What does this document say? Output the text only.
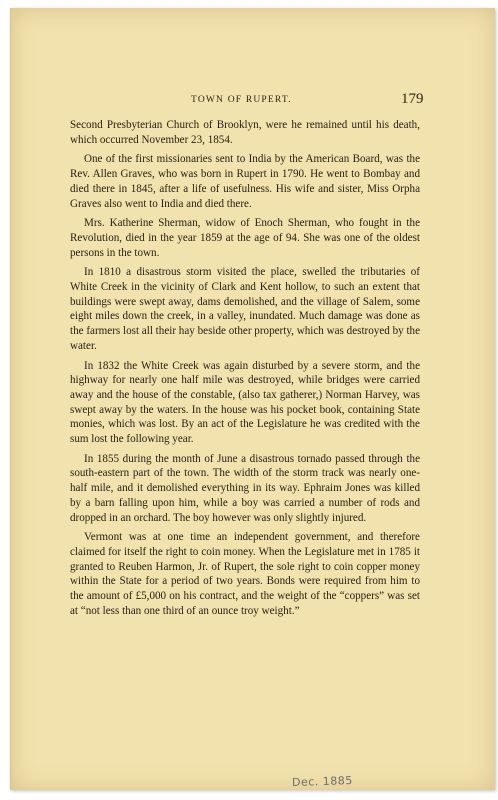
TOWN OF RUPERT.	179

Second Presbyterian Church of Brooklyn, were he remained until his death, which occurred November 23, 1854.

One of the first missionaries sent to India by the American Board, was the Rev. Allen Graves, who was born in Rupert in 1790. He went to Bombay and died there in 1845, after a life of usefulness. His wife and sister, Miss Orpha Graves also went to India and died there.

Mrs. Katherine Sherman, widow of Enoch Sherman, who fought in the Revolution, died in the year 1859 at the age of 94. She was one of the oldest persons in the town.

In 1810 a disastrous storm visited the place, swelled the tributaries of White Creek in the vicinity of Clark and Kent hollow, to such an extent that buildings were swept away, dams demolished, and the village of Salem, some eight miles down the creek, in a valley, inundated. Much damage was done as the farmers lost all their hay beside other property, which was destroyed by the water.

In 1832 the White Creek was again disturbed by a severe storm, and the highway for nearly one half mile was destroyed, while bridges were carried away and the house of the constable, (also tax gatherer,) Norman Harvey, was swept away by the waters. In the house was his pocket book, containing State monies, which was lost. By an act of the Legislature he was credited with the sum lost the following year.

In 1855 during the month of June a disastrous tornado passed through the south-eastern part of the town. The width of the storm track was nearly one-half mile, and it demolished everything in its way. Ephraim Jones was killed by a barn falling upon him, while a boy was carried a number of rods and dropped in an orchard. The boy however was only slightly injured.

Vermont was at one time an independent government, and therefore claimed for itself the right to coin money. When the Legislature met in 1785 it granted to Reuben Harmon, Jr. of Rupert, the sole right to coin copper money within the State for a period of two years. Bonds were required from him to the amount of £5,000 on his contract, and the weight of the “coppers” was set at “not less than one third of an ounce troy weight.”

Dec. 1885
